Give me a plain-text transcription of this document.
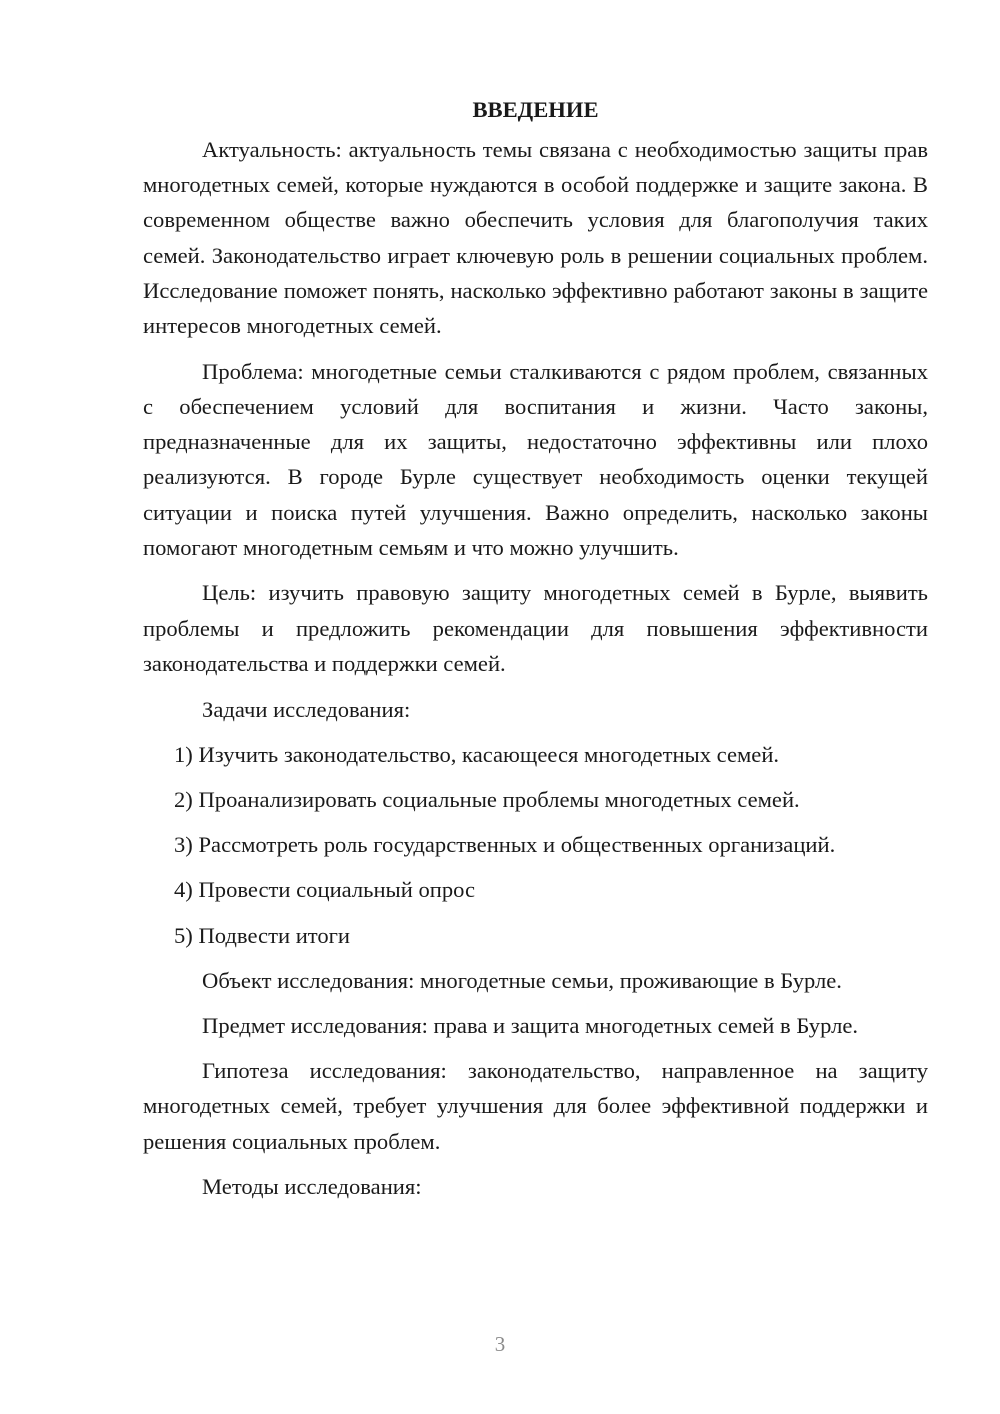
ВВЕДЕНИЕ

Актуальность: актуальность темы связана с необходимостью защиты прав многодетных семей, которые нуждаются в особой поддержке и защите закона. В современном обществе важно обеспечить условия для благополучия таких семей. Законодательство играет ключевую роль в решении социальных проблем. Исследование поможет понять, насколько эффективно работают законы в защите интересов многодетных семей.

Проблема: многодетные семьи сталкиваются с рядом проблем, связанных с обеспечением условий для воспитания и жизни. Часто законы, предназначенные для их защиты, недостаточно эффективны или плохо реализуются. В городе Бурле существует необходимость оценки текущей ситуации и поиска путей улучшения. Важно определить, насколько законы помогают многодетным семьям и что можно улучшить.

Цель: изучить правовую защиту многодетных семей в Бурле, выявить проблемы и предложить рекомендации для повышения эффективности законодательства и поддержки семей.

Задачи исследования:

1) Изучить законодательство, касающееся многодетных семей.
2) Проанализировать социальные проблемы многодетных семей.
3) Рассмотреть роль государственных и общественных организаций.
4) Провести социальный опрос
5) Подвести итоги

Объект исследования: многодетные семьи, проживающие в Бурле.

Предмет исследования: права и защита многодетных семей в Бурле.

Гипотеза исследования: законодательство, направленное на защиту многодетных семей, требует улучшения для более эффективной поддержки и решения социальных проблем.

Методы исследования:

3
